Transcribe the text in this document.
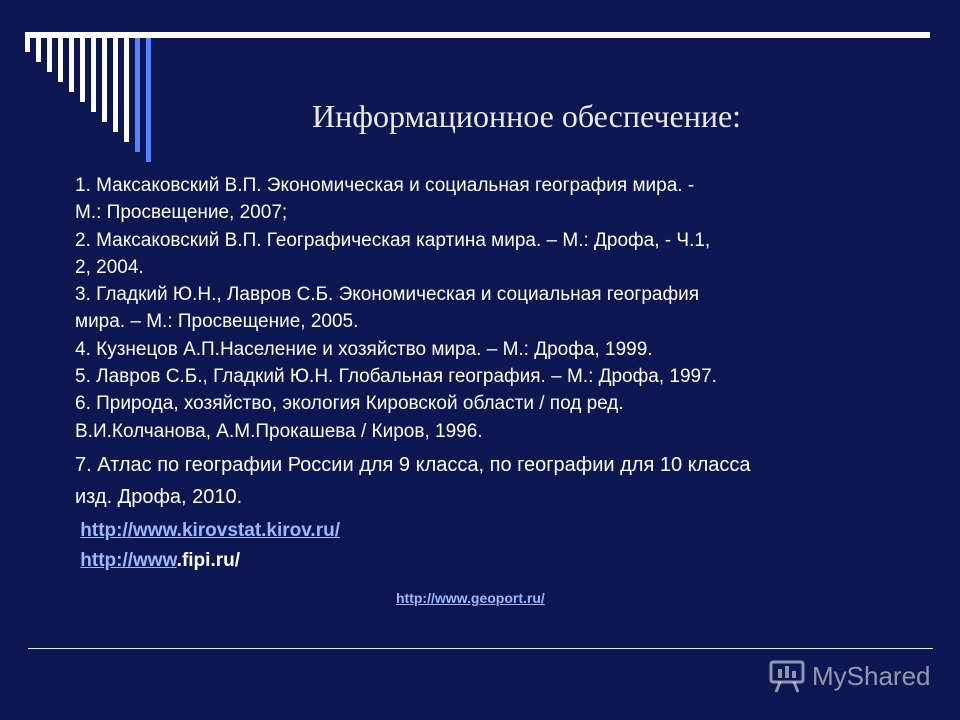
Информационное обеспечение:

1. Максаковский В.П. Экономическая и социальная география мира. -
М.: Просвещение, 2007;

2. Максаковский В.П. Географическая картина мира. – М.: Дрофа, - Ч.1,
2, 2004.

3. Гладкий Ю.Н., Лавров С.Б. Экономическая и социальная география
мира. – М.: Просвещение, 2005.

4. Кузнецов А.П.Население и хозяйство мира. – М.: Дрофа, 1999.

5. Лавров С.Б., Гладкий Ю.Н. Глобальная география. – М.: Дрофа, 1997.

6. Природа, хозяйство, экология Кировской области / под ред.
В.И.Колчанова, А.М.Прокашева / Киров, 1996.

7. Атлас по географии России для 9 класса, по географии для 10 класса
изд. Дрофа, 2010.

http://www.kirovstat.kirov.ru/
http://www.fipi.ru/
http://www.geoport.ru/
MyShared
